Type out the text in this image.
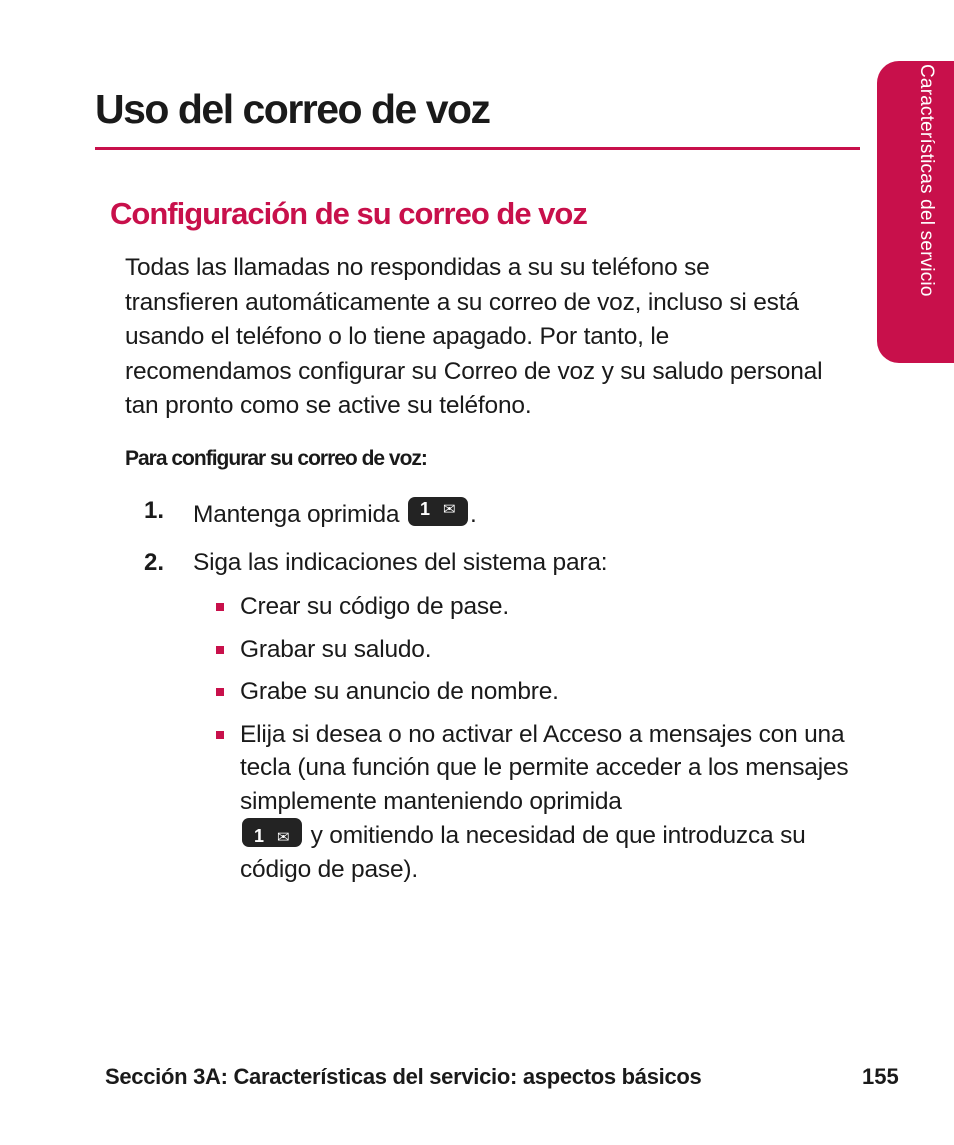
Uso del correo de voz	Características del servicio
Configuración de su correo de voz

Todas las llamadas no respondidas a su su teléfono se transfieren automáticamente a su correo de voz, incluso si está usando el teléfono o lo tiene apagado. Por tanto, le recomendamos configurar su Correo de voz y su saludo personal tan pronto como se active su teléfono.

Para configurar su correo de voz:

1. Mantenga oprimida 1 ✉ .
2. Siga las indicaciones del sistema para:
Crear su código de pase.
Grabar su saludo.
Grabe su anuncio de nombre.
Elija si desea o no activar el Acceso a mensajes con una tecla (una función que le permite acceder a los mensajes simplemente manteniendo oprimida

1 ✉ y omitiendo la necesidad de que introduzca su código de pase).
Sección 3A: Características del servicio: aspectos básicos	155
